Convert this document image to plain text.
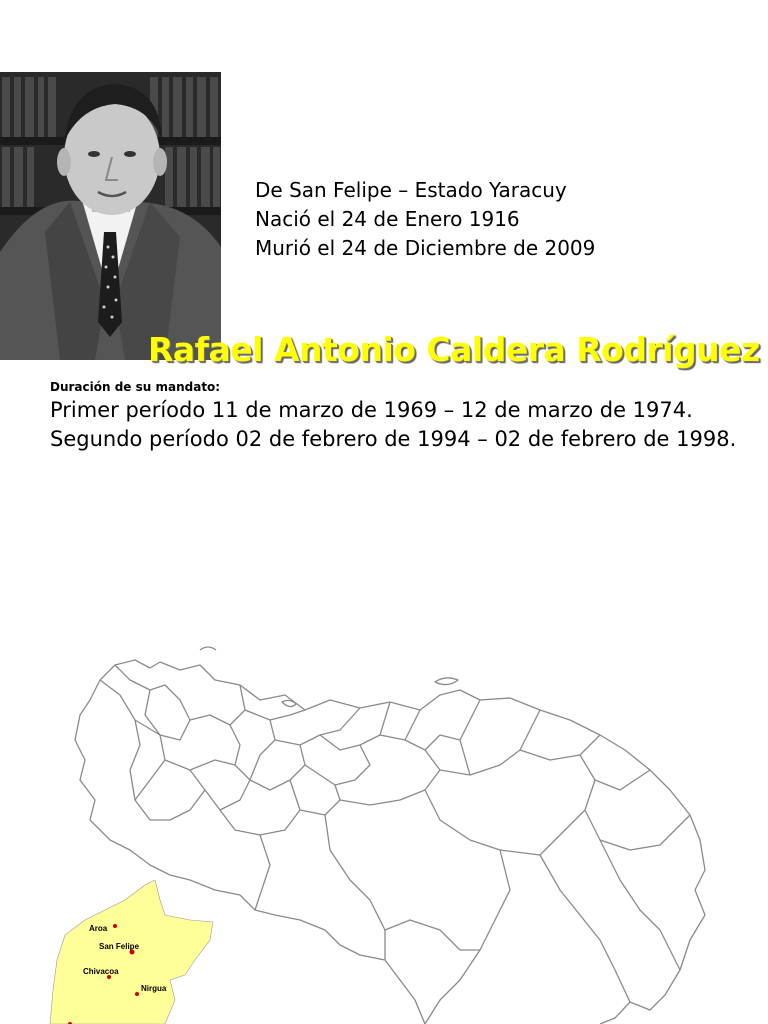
De San Felipe – Estado Yaracuy
Nació el 24 de Enero 1916
Murió el 24 de Diciembre de 2009
Rafael Antonio Caldera Rodríguez
Duración de su mandato:
Primer período 11 de marzo de 1969 – 12 de marzo de 1974.
Segundo período 02 de febrero de 1994 – 02 de febrero de 1998.
Aroa
San Felipe
Chivacoa
Nirgua
